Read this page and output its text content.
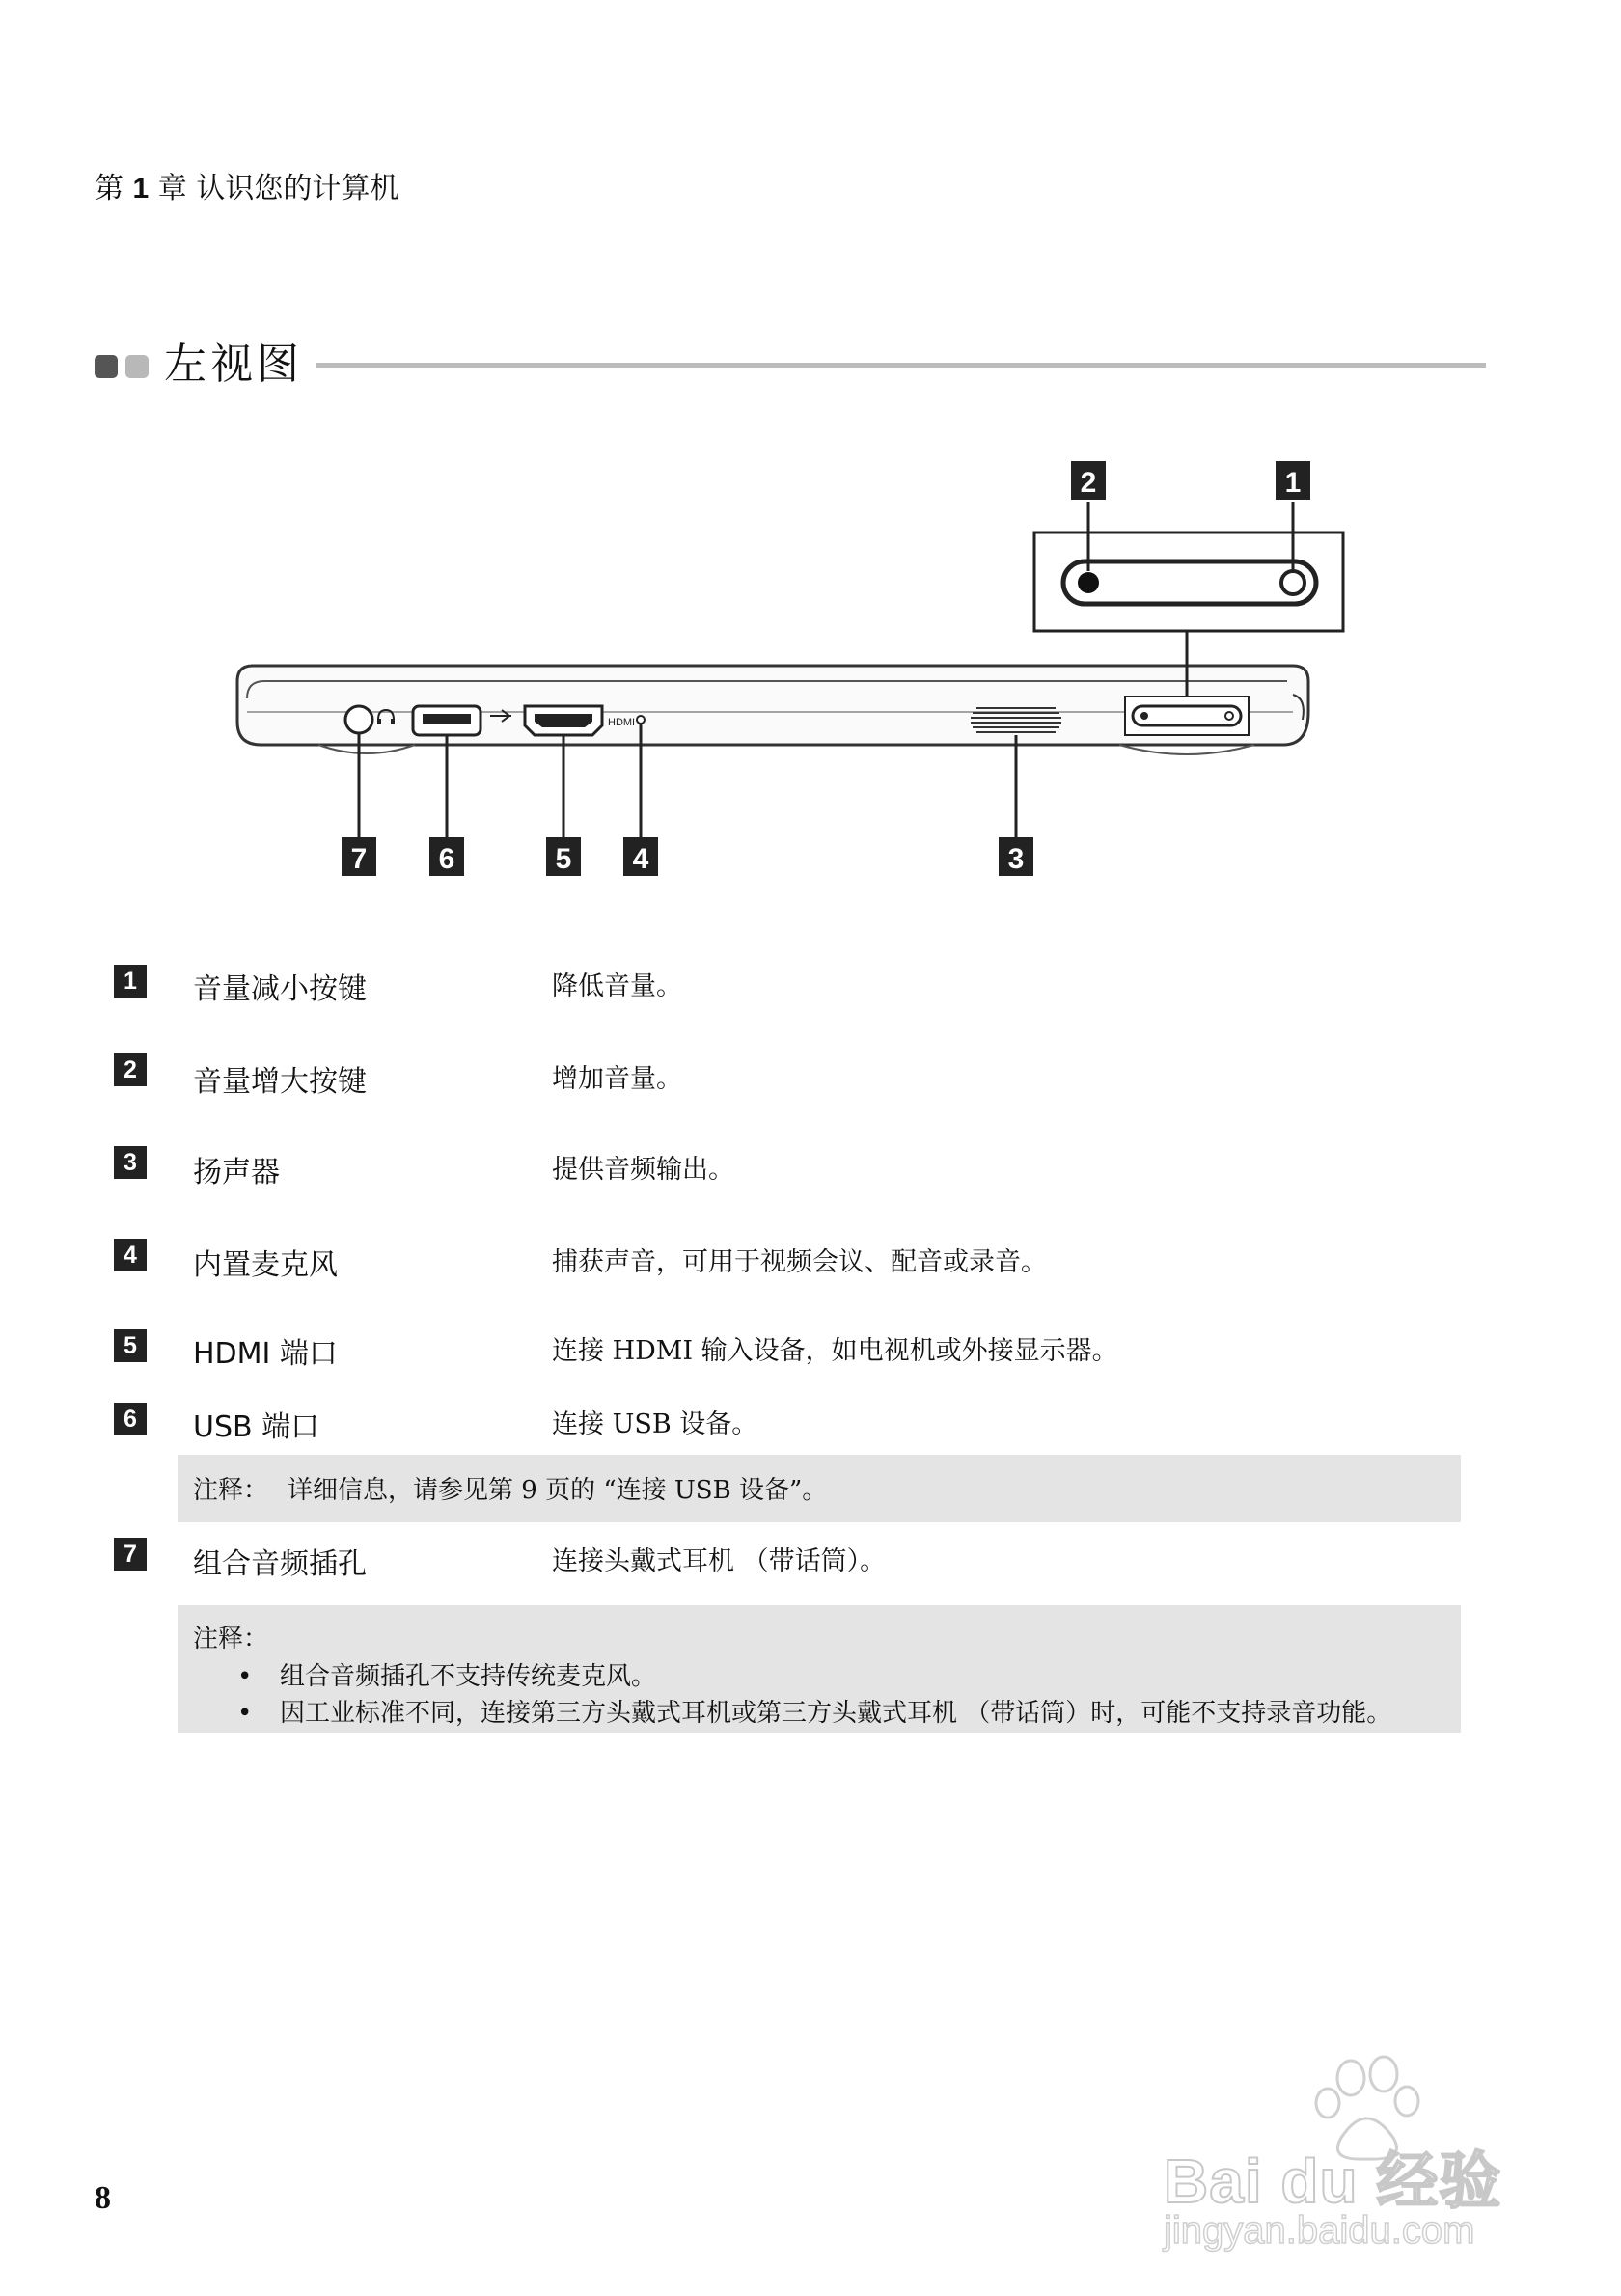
第 1 章 认识您的计算机
左视图
HDMI
2	1
7 6	5 4	3
1	音量减小按键	降低音量。
2	音量增大按键	增加音量。
3	扬声器	提供音频输出。
4	内置麦克风	捕获声音，可用于视频会议、配音或录音。
5	HDMI 端口	连接 HDMI 输入设备，如电视机或外接显示器。
6	USB 端口	连接 USB 设备。
注释： 详细信息，请参见第 9 页的 “连接 USB 设备”。
7	组合音频插孔	连接头戴式耳机 （带话筒）。
注释：
• 组合音频插孔不支持传统麦克风。
• 因工业标准不同，连接第三方头戴式耳机或第三方头戴式耳机 （带话筒）时，可能不支持录音功能。
8	Bai du 经验
jingyan.baidu.com
